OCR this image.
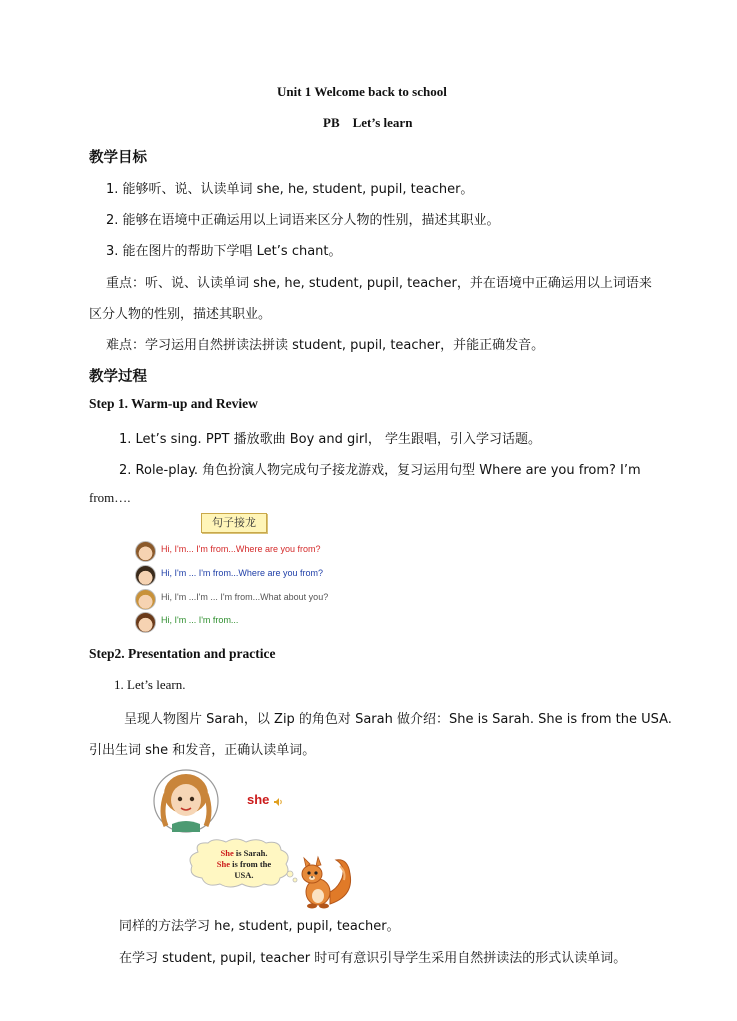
Unit 1 Welcome back to school
PB    Let’s learn
教学目标
1. 能够听、说、认读单词 she, he, student, pupil, teacher。
2. 能够在语境中正确运用以上词语来区分人物的性别，描述其职业。
3. 能在图片的帮助下学唱 Let’s chant。
重点：听、说、认读单词 she, he, student, pupil, teacher，并在语境中正确运用以上词语来
区分人物的性别，描述其职业。
难点：学习运用自然拼读法拼读 student, pupil, teacher，并能正确发音。
教学过程
Step 1. Warm-up and Review
1. Let’s sing. PPT 播放歌曲 Boy and girl， 学生跟唱，引入学习话题。
2. Role-play. 角色扮演人物完成句子接龙游戏，复习运用句型 Where are you from? I’m
from….
句子接龙
Hi, I'm... I'm from...Where are you from?
Hi, I'm ... I'm from...Where are you from?
Hi, I'm ...I'm ... I'm from...What about you?
Hi, I'm ... I'm from...
Step2. Presentation and practice
1. Let’s learn.
呈现人物图片 Sarah，以 Zip 的角色对 Sarah 做介绍：She is Sarah. She is from the USA.
引出生词 she 和发音，正确认读单词。
she
She is Sarah.
She is from the
USA.
同样的方法学习 he, student, pupil, teacher。
在学习 student, pupil, teacher 时可有意识引导学生采用自然拼读法的形式认读单词。
